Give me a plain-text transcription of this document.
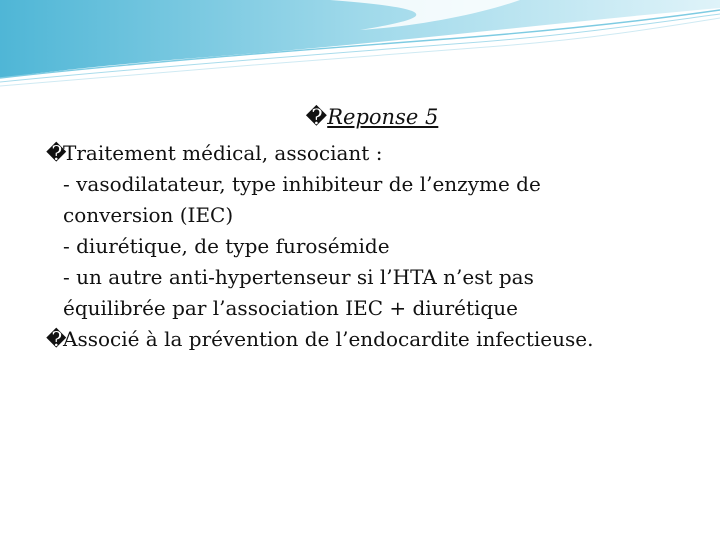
�Reponse 5
�
Traitement médical, associant :
- vasodilatateur, type inhibiteur de l’enzyme de
conversion (IEC)
- diurétique, de type furosémide
- un autre anti-hypertenseur si l’HTA n’est pas
équilibrée par l’association IEC + diurétique
�
Associé à la prévention de l’endocardite infectieuse.
